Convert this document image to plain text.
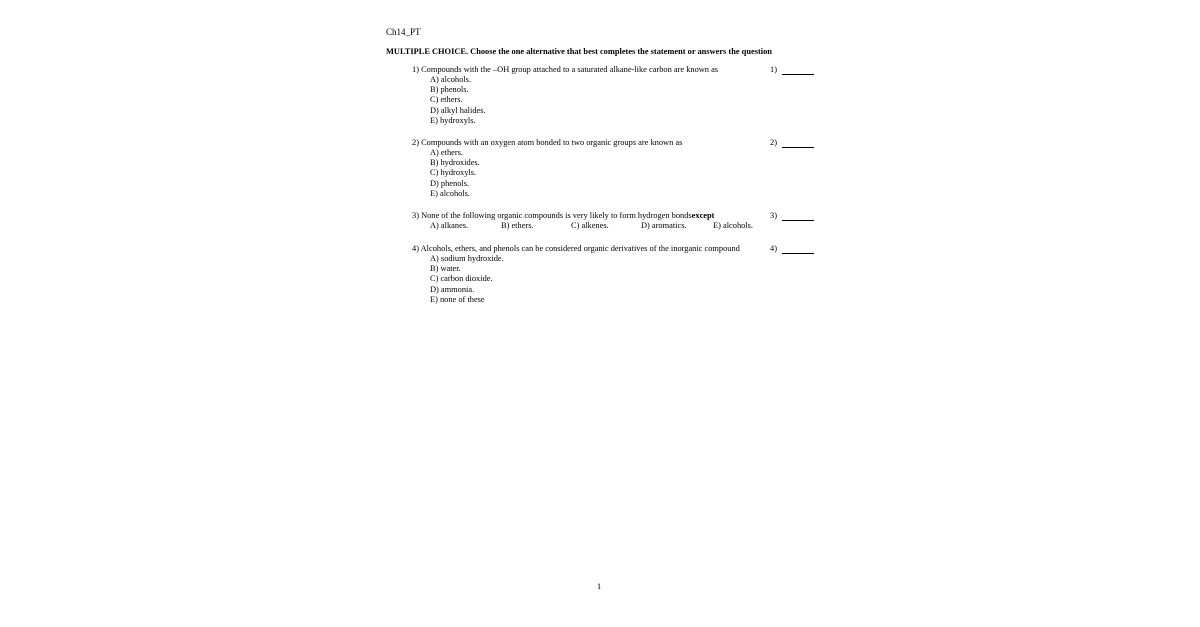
Ch14_PT
MULTIPLE CHOICE. Choose the one alternative that best completes the statement or answers the question
1) Compounds with the –OH group attached to a saturated alkane-like carbon are known as
A) alcohols.
B) phenols.
C) ethers.
D) alkyl halides.
E) hydroxyls.
1)
2) Compounds with an oxygen atom bonded to two organic groups are known as
A) ethers.
B) hydroxides.
C) hydroxyls.
D) phenols.
E) alcohols.
2)
3) None of the following organic compounds is very likely to form hydrogen bondsexcept
A) alkanes.	B) ethers.	C) alkenes.	D) aromatics.	E) alcohols.
3)
4) Alcohols, ethers, and phenols can be considered organic derivatives of the inorganic compound
A) sodium hydroxide.
B) water.
C) carbon dioxide.
D) ammonia.
E) none of these
4)
1
